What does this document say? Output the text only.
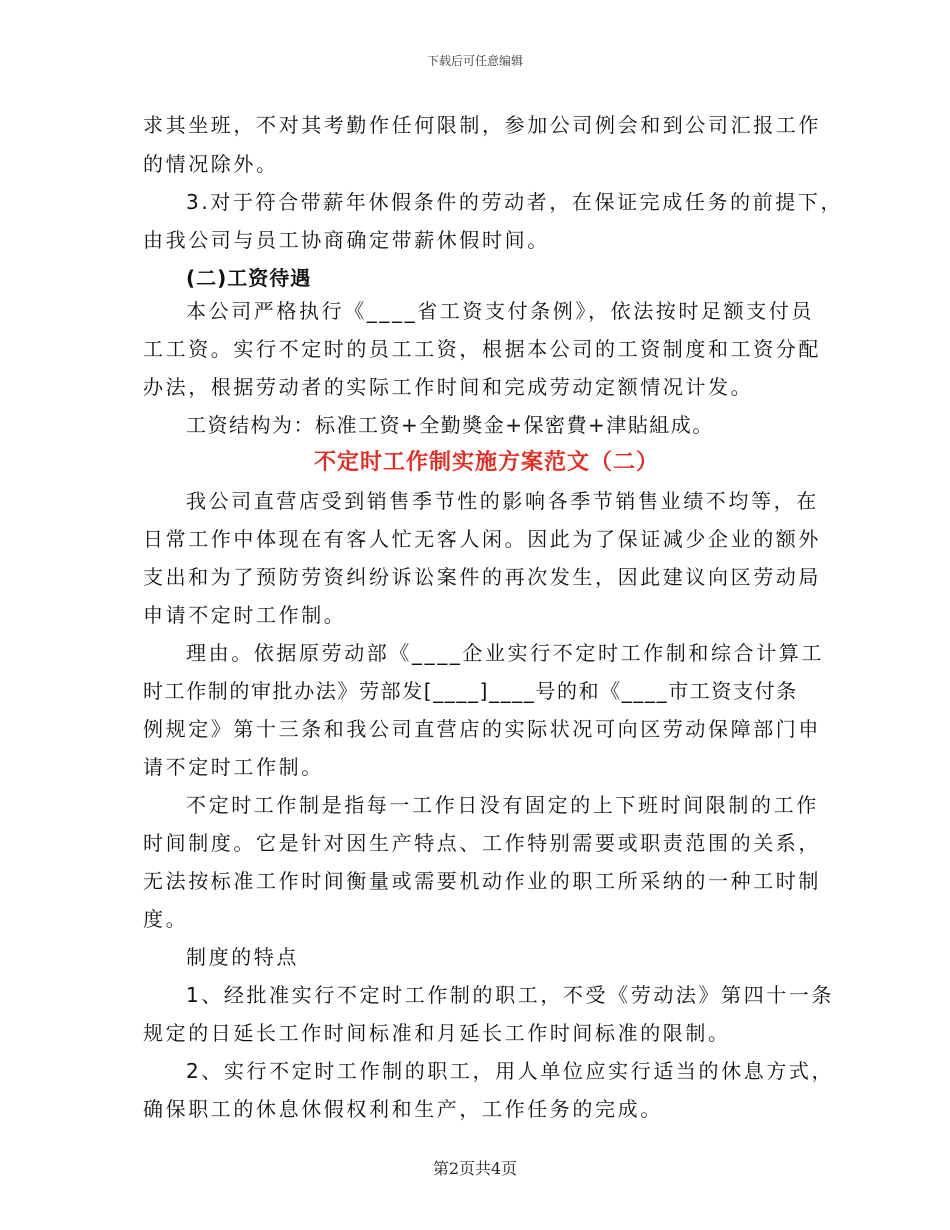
下载后可任意编辑
求其坐班，不对其考勤作任何限制，参加公司例会和到公司汇报工作
的情况除外。
3.对于符合带薪年休假条件的劳动者，在保证完成任务的前提下，
由我公司与员工协商确定带薪休假时间。
(二)工资待遇
本公司严格执行《____省工资支付条例》，依法按时足额支付员
工工资。实行不定时的员工工资，根据本公司的工资制度和工资分配
办法，根据劳动者的实际工作时间和完成劳动定额情况计发。
工资结构为：标准工资+全勤奬金+保密費+津貼組成。
不定时工作制实施方案范文（二）
我公司直营店受到销售季节性的影响各季节销售业绩不均等，在
日常工作中体现在有客人忙无客人闲。因此为了保证减少企业的额外
支出和为了预防劳资纠纷诉讼案件的再次发生，因此建议向区劳动局
申请不定时工作制。
理由。依据原劳动部《____企业实行不定时工作制和综合计算工
时工作制的审批办法》劳部发[____]____号的和《____市工资支付条
例规定》第十三条和我公司直营店的实际状况可向区劳动保障部门申
请不定时工作制。
不定时工作制是指每一工作日没有固定的上下班时间限制的工作
时间制度。它是针对因生产特点、工作特别需要或职责范围的关系，
无法按标准工作时间衡量或需要机动作业的职工所采纳的一种工时制
度。
制度的特点
1、经批准实行不定时工作制的职工，不受《劳动法》第四十一条
规定的日延长工作时间标准和月延长工作时间标准的限制。
2、实行不定时工作制的职工，用人单位应实行适当的休息方式，
确保职工的休息休假权利和生产，工作任务的完成。
第2页共4页
